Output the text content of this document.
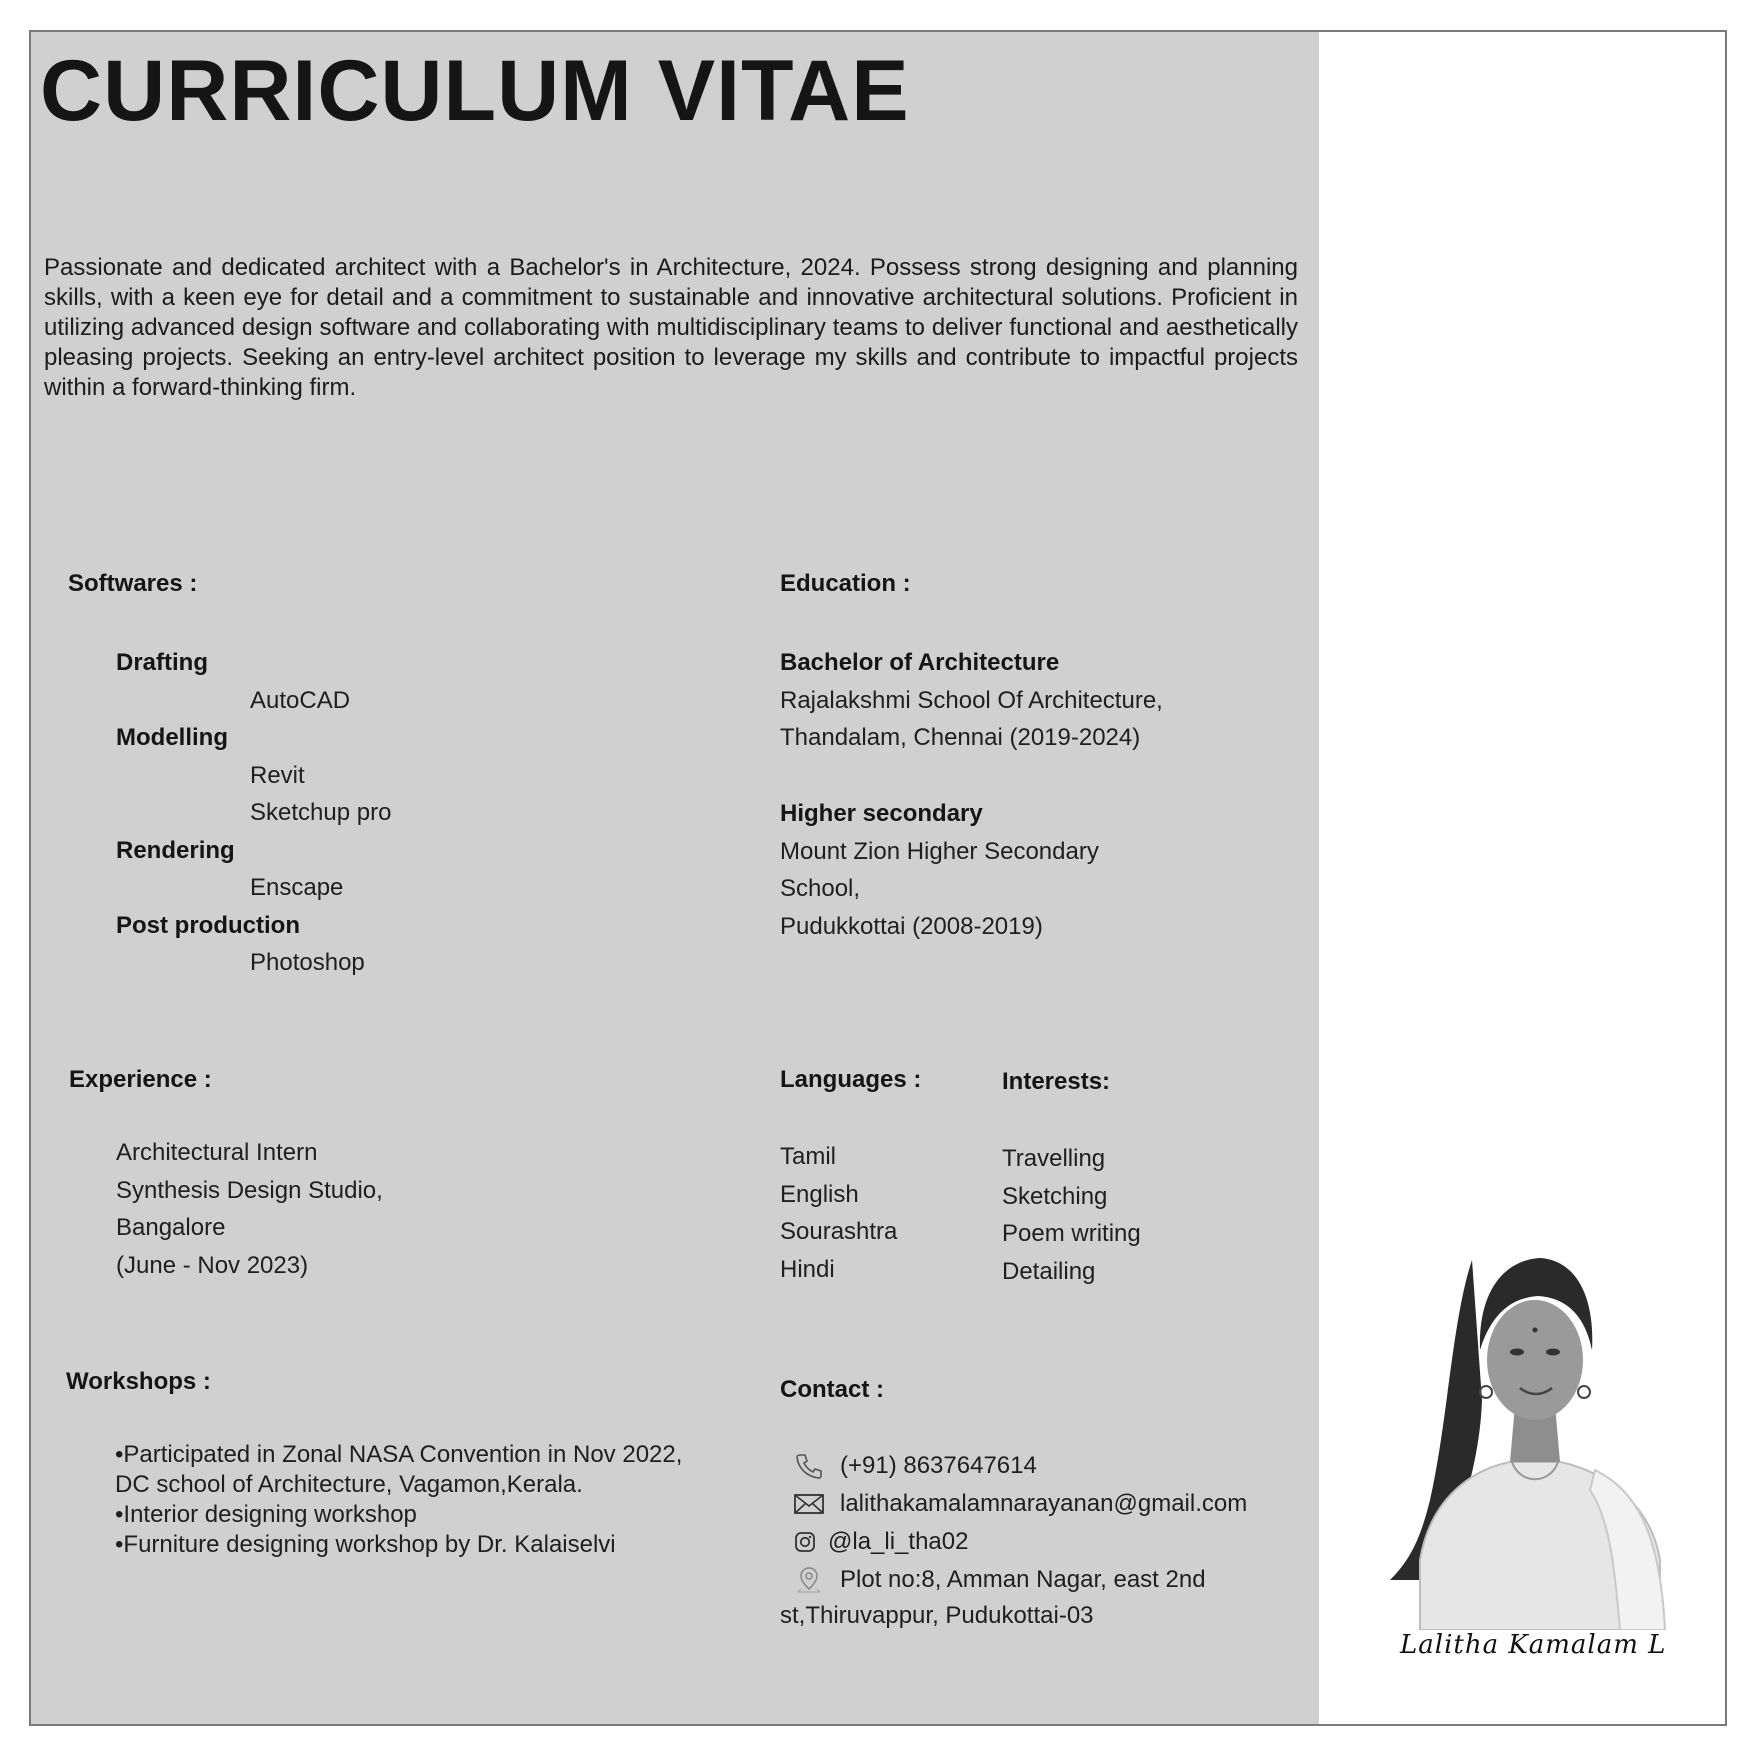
CURRICULUM VITAE
Passionate and dedicated architect with a Bachelor's in Architecture, 2024. Possess strong designing and planning skills, with a keen eye for detail and a commitment to sustainable and innovative architectural solutions. Proficient in utilizing advanced design software and collaborating with multidisciplinary teams to deliver functional and aesthetically pleasing projects. Seeking an entry-level architect position to leverage my skills and contribute to impactful projects within a forward-thinking firm.
Softwares :
Drafting
AutoCAD
Modelling
Revit
Sketchup pro
Rendering
Enscape
Post production
Photoshop
Education :
Bachelor of Architecture
Rajalakshmi School Of Architecture,
Thandalam, Chennai (2019-2024)
Higher secondary
Mount Zion Higher Secondary
School,
Pudukkottai (2008-2019)
Experience :
Architectural Intern
Synthesis Design Studio,
Bangalore
(June - Nov 2023)
Languages :
Tamil
English
Sourashtra
Hindi
Interests:
Travelling
Sketching
Poem writing
Detailing
Workshops :
•Participated in Zonal NASA Convention in Nov 2022,
DC school of Architecture, Vagamon,Kerala.
•Interior designing workshop
•Furniture designing workshop by Dr. Kalaiselvi
Contact :
(+91) 8637647614
lalithakamalamnarayanan@gmail.com
@la_li_tha02
Plot no:8, Amman Nagar, east 2nd
st,Thiruvappur, Pudukottai-03
Lalitha Kamalam L
